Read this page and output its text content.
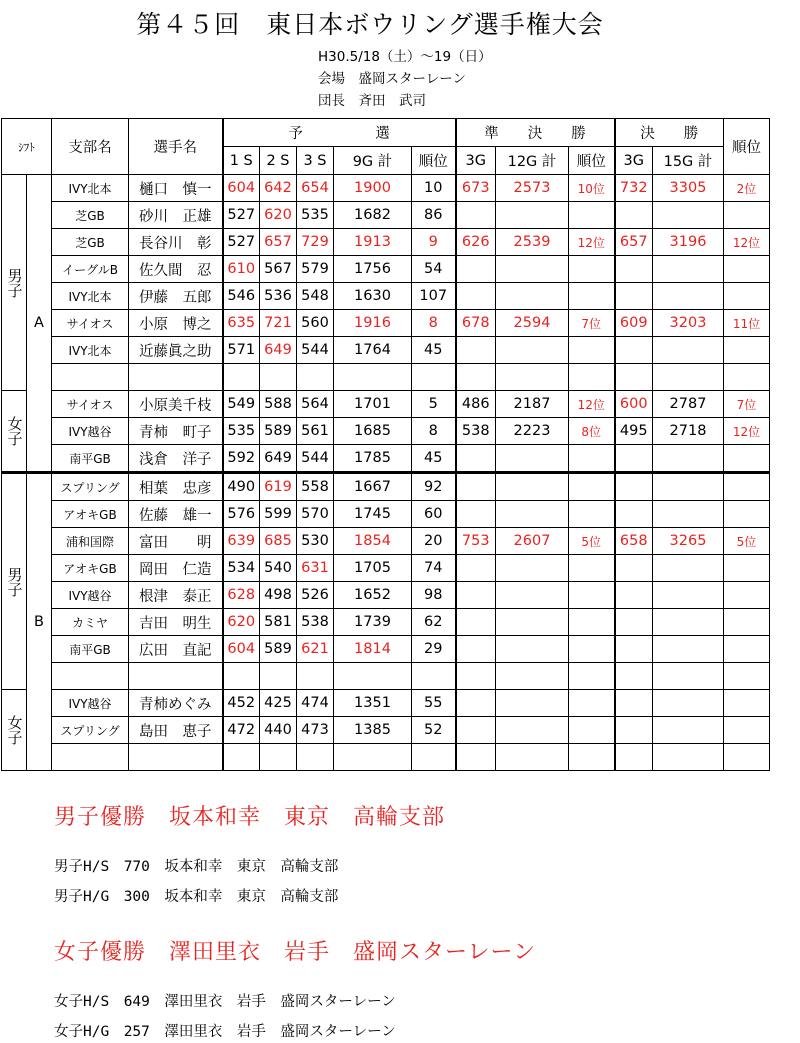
第４５回　東日本ボウリング選手権大会
H30.5/18（土）～19（日）
会場　盛岡スターレーン
団長　斉田　武司
ｼﾌﾄ		支部名	選手名	予　　　　　選					準　　決　　勝			決　　勝		順位
				1 S	2 S	3 S	9G 計	順位	3G	12G 計	順位	3G	15G 計	
男子	A	IVY北本	樋口　慎一	604	642	654	1900	10	673	2573	10位	732	3305	2位
		芝GB	砂川　正雄	527	620	535	1682	86						
		芝GB	長谷川　彰	527	657	729	1913	9	626	2539	12位	657	3196	12位
		イーグルB	佐久間　忍	610	567	579	1756	54						
		IVY北本	伊藤　五郎	546	536	548	1630	107						
		サイオス	小原　博之	635	721	560	1916	8	678	2594	7位	609	3203	11位
		IVY北本	近藤眞之助	571	649	544	1764	45						

女子		サイオス	小原美千枝	549	588	564	1701	5	486	2187	12位	600	2787	7位
		IVY越谷	青柿　町子	535	589	561	1685	8	538	2223	8位	495	2718	12位
		南平GB	浅倉　洋子	592	649	544	1785	45						
男子	B	スプリング	相葉　忠彦	490	619	558	1667	92						
		アオキGB	佐藤　雄一	576	599	570	1745	60						
		浦和国際	富田　　明	639	685	530	1854	20	753	2607	5位	658	3265	5位
		アオキGB	岡田　仁造	534	540	631	1705	74						
		IVY越谷	根津　泰正	628	498	526	1652	98						
		カミヤ	吉田　明生	620	581	538	1739	62						
		南平GB	広田　直記	604	589	621	1814	29						

女子		IVY越谷	青柿めぐみ	452	425	474	1351	55						
		スプリング	島田　恵子	472	440	473	1385	52						

男子優勝　坂本和幸　東京　高輪支部
男子H/S　770　坂本和幸　東京　高輪支部
男子H/G　300　坂本和幸　東京　高輪支部
女子優勝　澤田里衣　岩手　盛岡スターレーン
女子H/S　649　澤田里衣　岩手　盛岡スターレーン
女子H/G　257　澤田里衣　岩手　盛岡スターレーン
